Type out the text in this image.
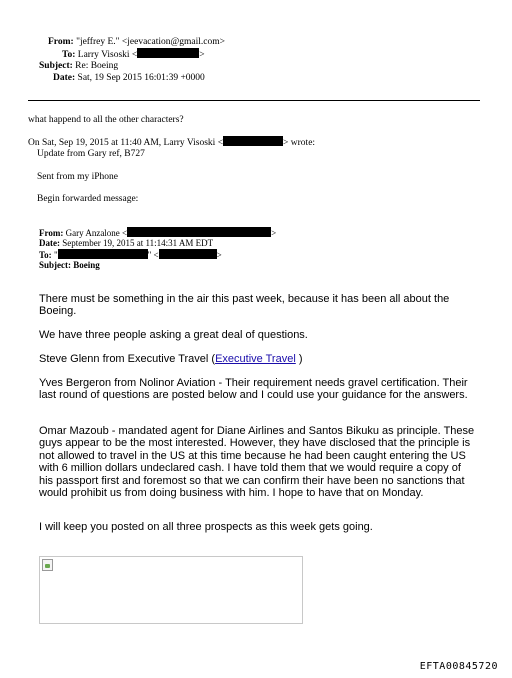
From: "jeffrey E." <jeevacation@gmail.com>
To: Larry Visoski <	>
Subject: Re: Boeing
Date: Sat, 19 Sep 2015 16:01:39 +0000
what happend to all the other characters?
On Sat, Sep 19, 2015 at 11:40 AM, Larry Visoski <	> wrote:
Update from Gary ref, B727
Sent from my iPhone
Begin forwarded message:
From: Gary Anzalone <	>
Date: September 19, 2015 at 11:14:31 AM EDT
To: "	" <	>
Subject: Boeing

There must be something in the air this past week, because it has been all about the Boeing.

We have three people asking a great deal of questions.

Steve Glenn from Executive Travel (Executive Travel )

Yves Bergeron from Nolinor Aviation - Their requirement needs gravel certification. Their last round of questions are posted below and I could use your guidance for the answers.

Omar Mazoub - mandated agent for Diane Airlines and Santos Bikuku as principle. These guys appear to be the most interested. However, they have disclosed that the principle is not allowed to travel in the US at this time because he had been caught entering the US with 6 million dollars undeclared cash. I have told them that we would require a copy of his passport first and foremost so that we can confirm their have been no sanctions that would prohibit us from doing business with him. I hope to have that on Monday.

I will keep you posted on all three prospects as this week gets going.

EFTA00845720
